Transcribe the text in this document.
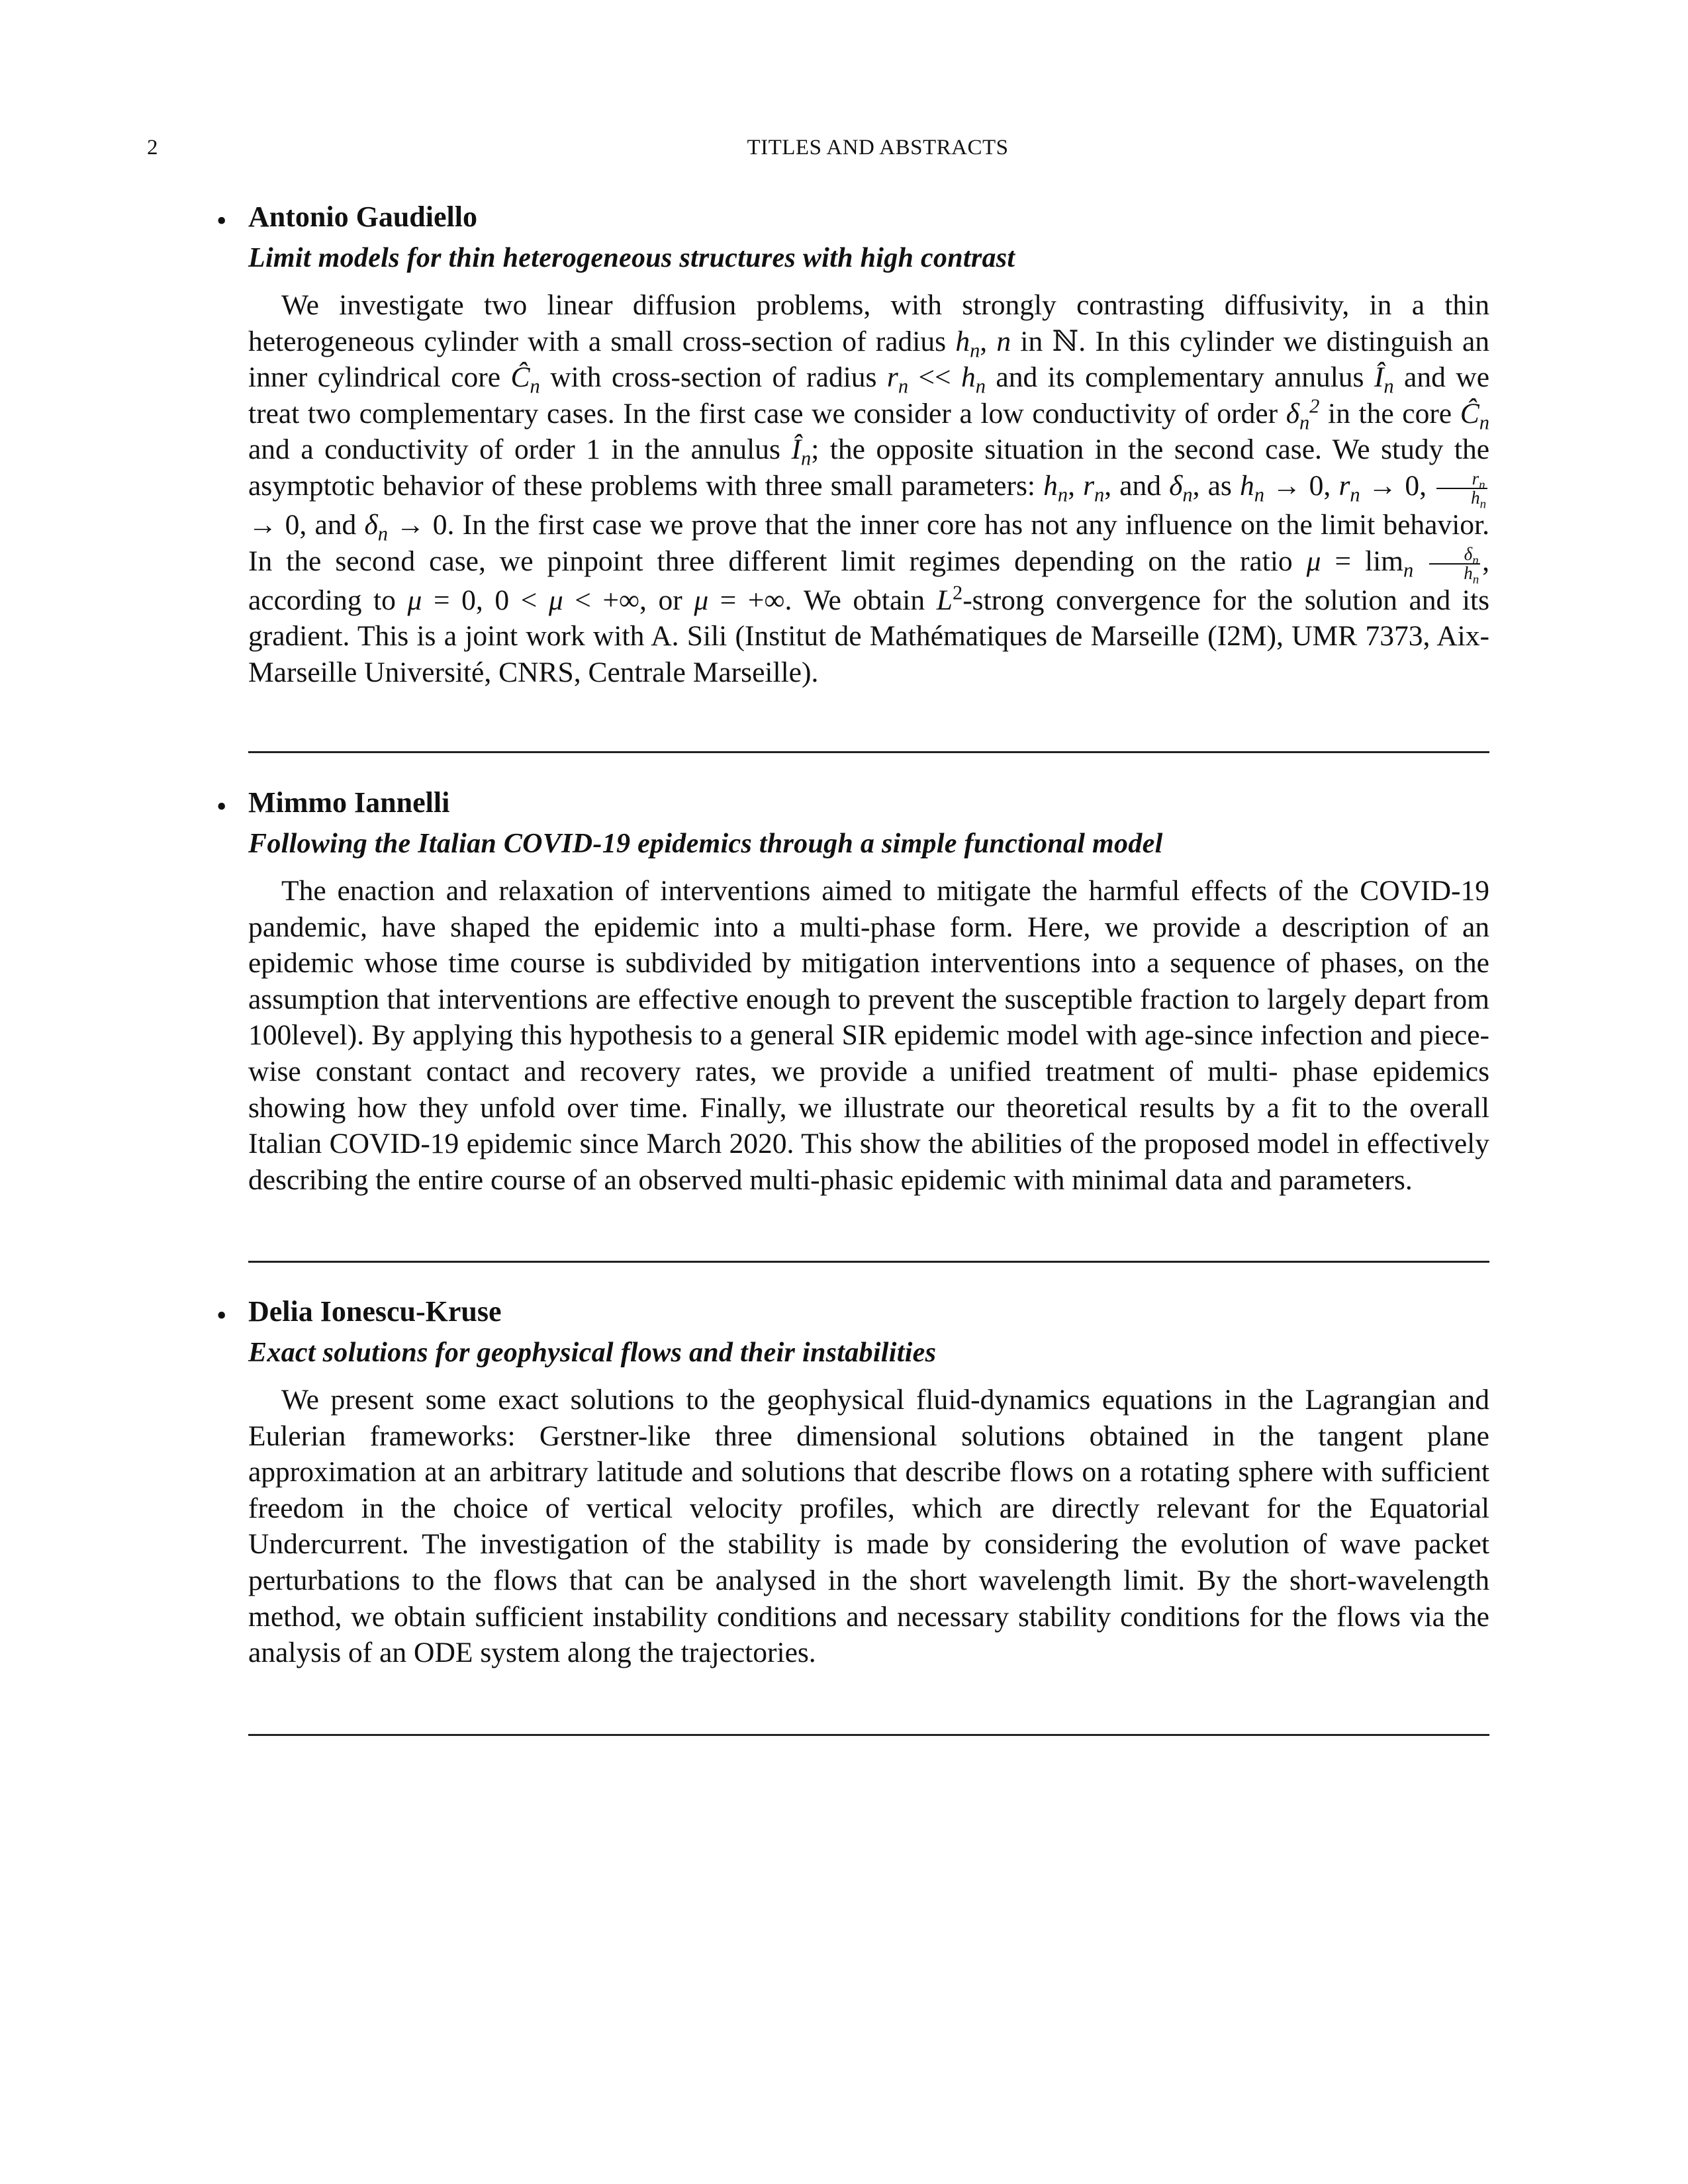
2	TITLES AND ABSTRACTS
• Antonio Gaudiello
Limit models for thin heterogeneous structures with high contrast
We investigate two linear diffusion problems, with strongly contrasting diffusivity, in a thin heterogeneous cylinder with a small cross-section of radius $h_n$, n in ℕ. In this cylinder we distinguish an inner cylindrical core $Ĉ_n$ with cross-section of radius $r_n << h_n$ and its complementary annulus $Î_n$ and we treat two complementary cases. In the first case we consider a low conductivity of order $\delta_n^2$ in the core $Ĉ_n$ and a conductivity of order 1 in the annulus $Î_n$; the opposite situation in the second case. We study the asymptotic behavior of these problems with three small parameters: $h_n$, $r_n$, and $\delta_n$, as $h_n \to 0$, $r_n \to 0$, $\frac{r_n}{h_n}$
→ 0, and $\delta_n \to 0$. In the first case we prove that the inner core has not any influence on the limit behavior. In the second case, we pinpoint three different limit regimes depending on the ratio $\mu = \lim_n \frac{\delta_n}{h_n}$ , according to μ = 0, 0 < μ < +∞, or μ = +∞. We obtain $L^2$-strong convergence for the solution and its gradient. This is a joint work with A. Sili (Institut de Mathématiques de Marseille (I2M), UMR 7373, Aix-Marseille Université, CNRS, Centrale Marseille).
• Mimmo Iannelli
Following the Italian COVID-19 epidemics through a simple functional model
The enaction and relaxation of interventions aimed to mitigate the harmful effects of the COVID-19 pandemic, have shaped the epidemic into a multi-phase form. Here, we provide a description of an epidemic whose time course is subdivided by mitigation interventions into a sequence of phases, on the assumption that interventions are effective enough to prevent the susceptible fraction to largely depart from 100level). By applying this hypothesis to a general SIR epidemic model with age-since infection and piece-wise constant contact and recovery rates, we provide a unified treatment of multi- phase epidemics showing how they unfold over time. Finally, we illustrate our theoretical results by a fit to the overall Italian COVID-19 epidemic since March 2020. This show the abilities of the proposed model in effectively describing the entire course of an observed multi-phasic epidemic with minimal data and parameters.
• Delia Ionescu-Kruse
Exact solutions for geophysical flows and their instabilities
We present some exact solutions to the geophysical fluid-dynamics equations in the Lagrangian and Eulerian frameworks: Gerstner-like three dimensional solutions obtained in the tangent plane approximation at an arbitrary latitude and solutions that describe flows on a rotating sphere with sufficient freedom in the choice of vertical velocity profiles, which are directly relevant for the Equatorial Undercurrent. The investigation of the stability is made by considering the evolution of wave packet perturbations to the flows that can be analysed in the short wavelength limit. By the short-wavelength method, we obtain sufficient instability conditions and necessary stability conditions for the flows via the analysis of an ODE system along the trajectories.
